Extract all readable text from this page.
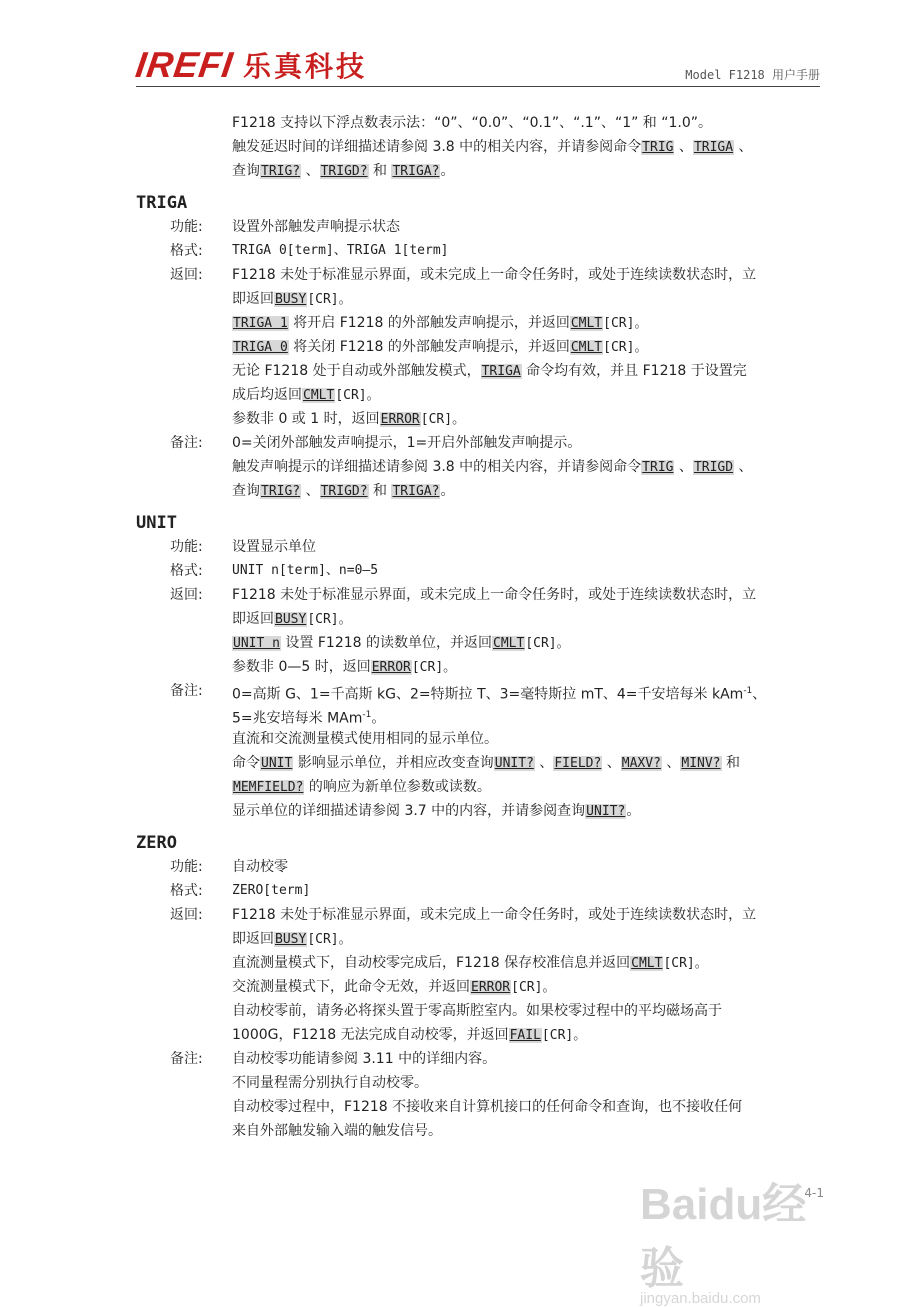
IREFI 乐真科技	Model F1218 用户手册
F1218 支持以下浮点数表示法：“0”、“0.0”、“0.1”、“.1”、“1” 和 “1.0”。
触发延迟时间的详细描述请参阅 3.8 中的相关内容，并请参阅命令TRIG 、TRIGA 、
查询TRIG? 、TRIGD? 和 TRIGA?。
TRIGA
功能:	设置外部触发声响提示状态
格式:	TRIGA 0[term]、TRIGA 1[term]
返回:	F1218 未处于标准显示界面，或未完成上一命令任务时，或处于连续读数状态时，立
即返回BUSY[CR]。
TRIGA 1 将开启 F1218 的外部触发声响提示，并返回CMLT[CR]。
TRIGA 0 将关闭 F1218 的外部触发声响提示，并返回CMLT[CR]。
无论 F1218 处于自动或外部触发模式，TRIGA 命令均有效，并且 F1218 于设置完
成后均返回CMLT[CR]。
参数非 0 或 1 时，返回ERROR[CR]。
备注:	0=关闭外部触发声响提示，1=开启外部触发声响提示。
触发声响提示的详细描述请参阅 3.8 中的相关内容，并请参阅命令TRIG 、TRIGD 、
查询TRIG? 、TRIGD? 和 TRIGA?。
UNIT
功能:	设置显示单位
格式:	UNIT n[term]、n=0—5
返回:	F1218 未处于标准显示界面，或未完成上一命令任务时，或处于连续读数状态时，立
即返回BUSY[CR]。
UNIT n 设置 F1218 的读数单位，并返回CMLT[CR]。
参数非 0—5 时，返回ERROR[CR]。
备注:	0=高斯 G、1=千高斯 kG、2=特斯拉 T、3=毫特斯拉 mT、4=千安培每米 kAm$^{-1}$、
5=兆安培每米 MAm$^{-1}$。
直流和交流测量模式使用相同的显示单位。
命令UNIT 影响显示单位，并相应改变查询UNIT? 、FIELD? 、MAXV? 、MINV? 和
MEMFIELD? 的响应为新单位参数或读数。
显示单位的详细描述请参阅 3.7 中的内容，并请参阅查询UNIT?。
ZERO
功能:	自动校零
格式:	ZERO[term]
返回:	F1218 未处于标准显示界面，或未完成上一命令任务时，或处于连续读数状态时，立
即返回BUSY[CR]。
直流测量模式下，自动校零完成后，F1218 保存校准信息并返回CMLT[CR]。
交流测量模式下，此命令无效，并返回ERROR[CR]。
自动校零前，请务必将探头置于零高斯腔室内。如果校零过程中的平均磁场高于
1000G，F1218 无法完成自动校零，并返回FAIL[CR]。
备注:	自动校零功能请参阅 3.11 中的详细内容。
不同量程需分别执行自动校零。
自动校零过程中，F1218 不接收来自计算机接口的任何命令和查询，也不接收任何
来自外部触发输入端的触发信号。
4-1
Baidu经验
jingyan.baidu.com
